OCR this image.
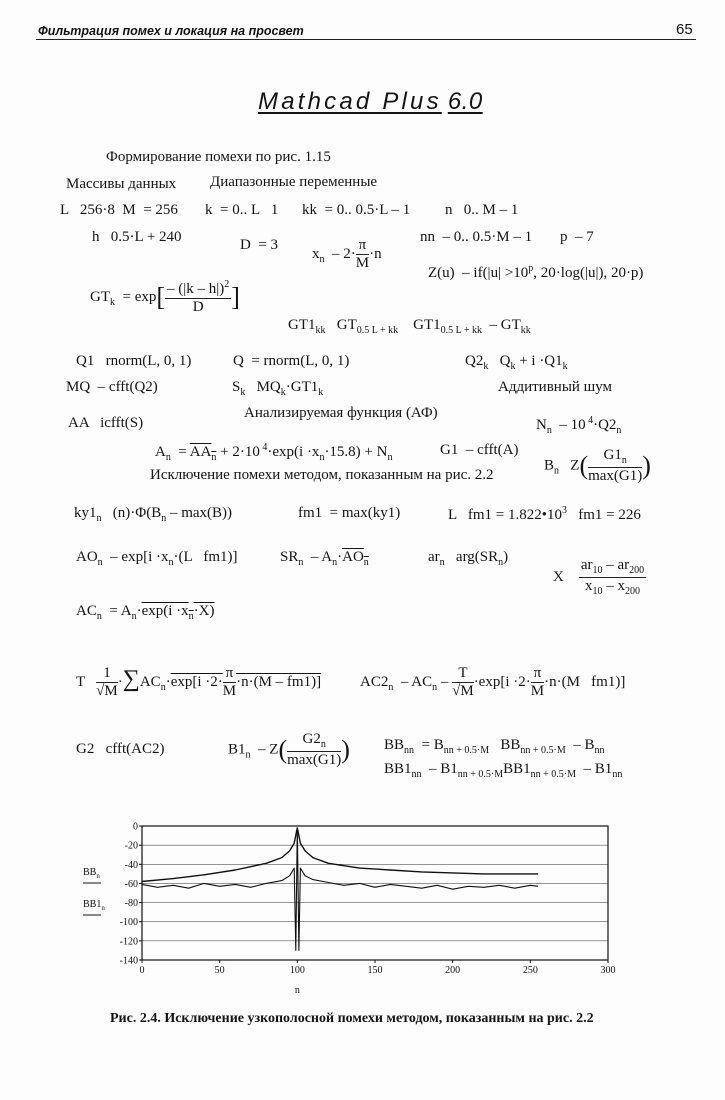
Фильтрация помех и локация на просвет	65
Mathcad Plus 6.0
Формирование помехи по рис. 1.15
Массивы данных Диапазонные переменные
L   256·8  M  = 256 k  = 0.. L   1 kk  = 0.. 0.5·L – 1 n   0.. M – 1
h   0.5·L + 240	D  = 3
$x_n - 2\cdot \frac{\pi}{M} \cdot n$
nn  – 0.. 0.5·M – 1 p  – 7
$Z(u) - if(|u| >10^p$, 20·log(|u|), 20·p)
$GT_k = \exp[ \frac{- (|k - h|)^2}{D}$ ]
$GT1_{kk}$   $GT_{0.5 L + kk}$    $GT1_{0.5 L + kk} - GT_{kk}$
Q1   rnorm(L, 0, 1)	Q  = rnorm(L, 0, 1)	$Q2_k$   $Q_k + i \cdot Q1_k$
MQ  – cfft(Q2)	$S_k$   $MQ_k\cdot GT1_k$	Аддитивный шум
Анализируемая функция (АФ)
AA   icfft(S)	$N_n - 10$ $^4\cdot Q2_n$
$A_n = AA_n + 2\cdot 10$ $^4\cdot\exp(i \cdot x_n\cdot 15.8) + N_n$	G1  – cfft(A)
Исключение помехи методом, показанным на рис. 2.2
$B_n$   $Z( \frac{G1_n}{\max(G1)}$ )
$ky1_n$   $(n)\cdot\Phi(B_n - \max(B))$	fm1  = max(ky1)	L   $fm1 = 1.822•10^3$ fm1 = 226
$AO_n - \exp[i \cdot x_n\cdot(L$   fm1)]	$SR_n - A_n\cdot AO_n$	$ar_n$   $arg(SR_n)$
X $\frac{ar_{10} - ar_{200}}{x_{10} - x_{200}}$
$AC_n = A_n\cdot\exp(i \cdot x_n\cdot X)$
T $\frac{1}{√M} \cdot\sum AC_n\cdot\exp[i \cdot 2\cdot \frac{\pi}{M} \cdot n\cdot(M - fm1)]$	$AC2_n - AC_n - \frac{T}{√M} \cdot\exp[i \cdot 2\cdot \frac{\pi}{M} \cdot n\cdot(M$   fm1)]
G2   cfft(AC2)	$B1_n - Z( \frac{G2_n}{\max(G1)}$ ) $BB_{nn} = B_{nn + 0.5\cdot M}$   $BB_{nn + 0.5\cdot M} - B_{nn}$
$BB1_{nn} - B1_{nn + 0.5\cdot M}BB1_{nn + 0.5\cdot M} - B1_{nn}$
0
-20
-40
-60
-80
-100
-120
-140
0	50	100	150	200	250	300
n
$BB_n$
$BB1_n$
Рис. 2.4. Исключение узкополосной помехи методом, показанным на рис. 2.2
